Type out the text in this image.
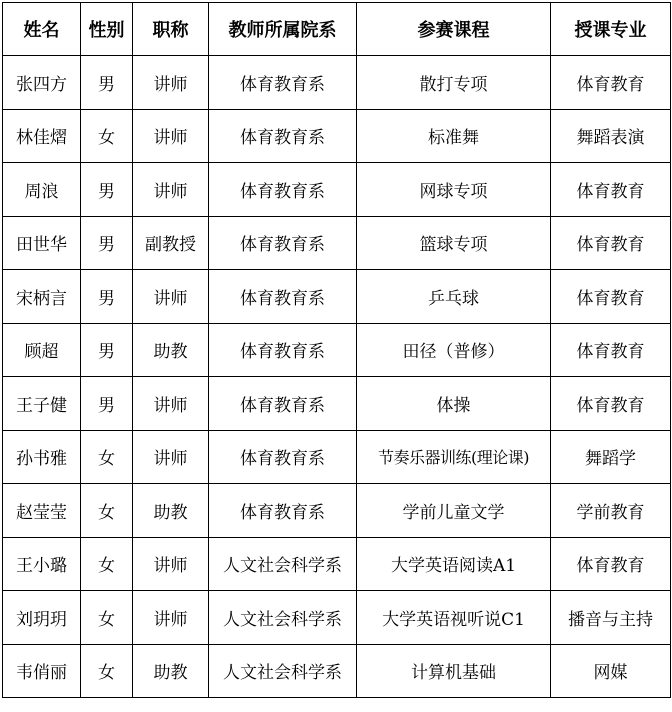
姓名	性别	职称	教师所属院系	参赛课程	授课专业
张四方	男	讲师	体育教育系	散打专项	体育教育
林佳熠	女	讲师	体育教育系	标准舞	舞蹈表演
周浪	男	讲师	体育教育系	网球专项	体育教育
田世华	男	副教授	体育教育系	篮球专项	体育教育
宋柄言	男	讲师	体育教育系	乒乓球	体育教育
顾超	男	助教	体育教育系	田径（普修）	体育教育
王子健	男	讲师	体育教育系	体操	体育教育
孙书雅	女	讲师	体育教育系	节奏乐器训练(理论课)	舞蹈学
赵莹莹	女	助教	体育教育系	学前儿童文学	学前教育
王小璐	女	讲师	人文社会科学系	大学英语阅读A1	体育教育
刘玥玥	女	讲师	人文社会科学系	大学英语视听说C1	播音与主持
韦俏丽	女	助教	人文社会科学系	计算机基础	网媒
